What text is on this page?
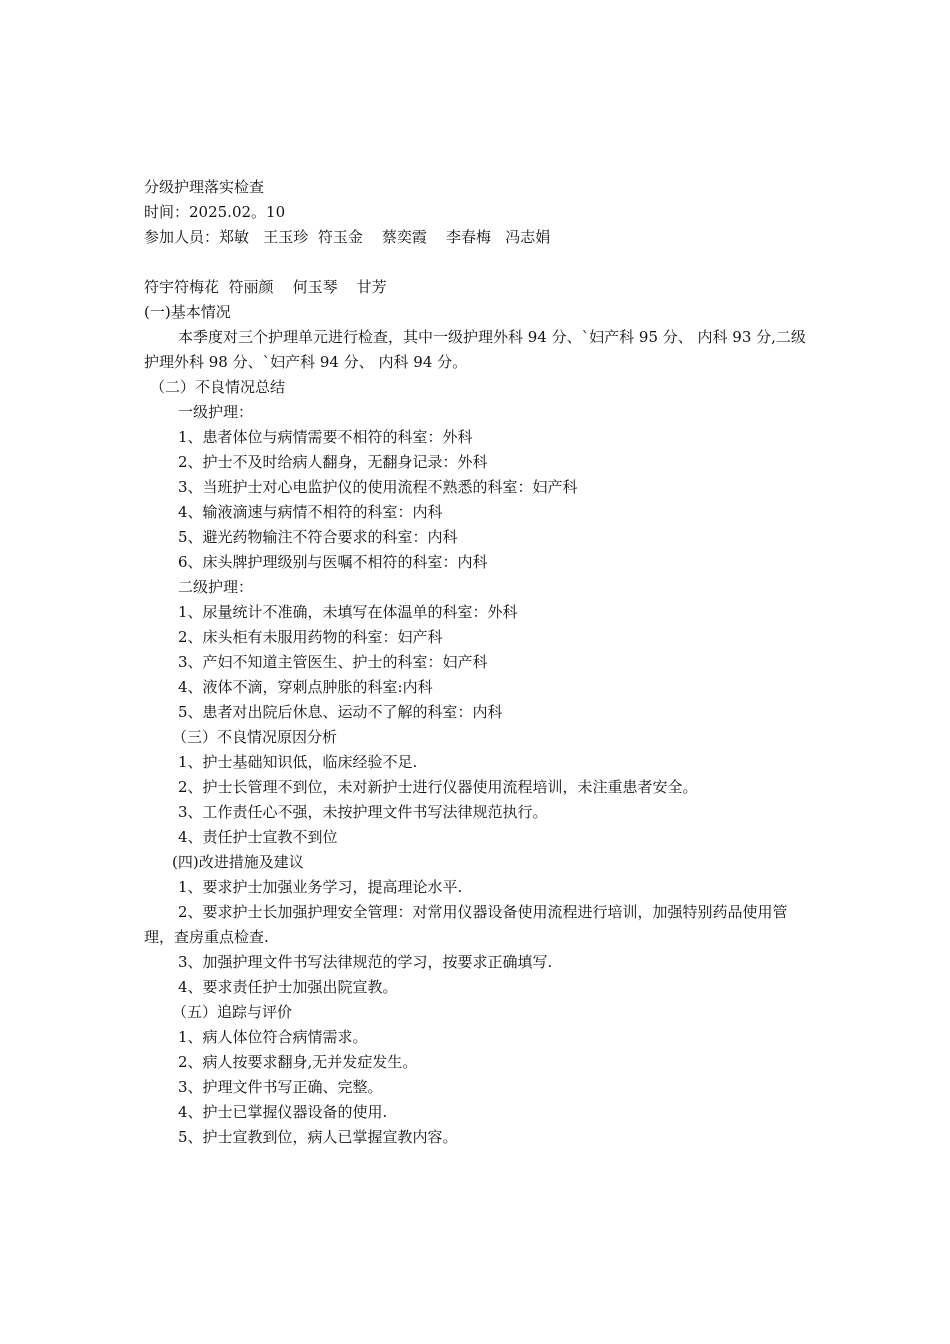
分级护理落实检查
时间：2025.02。10
参加人员：郑敏   王玉珍  符玉金    蔡奕霞    李春梅   冯志娟
符宇符梅花  符丽颜    何玉琴    甘芳
(一)基本情况
本季度对三个护理单元进行检查，其中一级护理外科 94 分、`妇产科 95 分、 内科 93 分,二级护理外科 98 分、`妇产科 94 分、 内科 94 分。
（二）不良情况总结
一级护理：
1、患者体位与病情需要不相符的科室：外科
2、护士不及时给病人翻身，无翻身记录：外科
3、当班护士对心电监护仪的使用流程不熟悉的科室：妇产科
4、输液滴速与病情不相符的科室：内科
5、避光药物输注不符合要求的科室：内科
6、床头牌护理级别与医嘱不相符的科室：内科
二级护理：
1、尿量统计不准确，未填写在体温单的科室：外科
2、床头柜有未服用药物的科室：妇产科
3、产妇不知道主管医生、护士的科室：妇产科
4、液体不滴，穿刺点肿胀的科室:内科
5、患者对出院后休息、运动不了解的科室：内科
（三）不良情况原因分析
1、护士基础知识低，临床经验不足.
2、护士长管理不到位，未对新护士进行仪器使用流程培训，未注重患者安全。
3、工作责任心不强，未按护理文件书写法律规范执行。
4、责任护士宣教不到位
(四)改进措施及建议
1、要求护士加强业务学习，提高理论水平.
2、要求护士长加强护理安全管理：对常用仪器设备使用流程进行培训，加强特别药品使用管理，查房重点检查.
3、加强护理文件书写法律规范的学习，按要求正确填写.
4、要求责任护士加强出院宣教。
（五）追踪与评价
1、病人体位符合病情需求。
2、病人按要求翻身,无并发症发生。
3、护理文件书写正确、完整。
4、护士已掌握仪器设备的使用.
5、护士宣教到位，病人已掌握宣教内容。
